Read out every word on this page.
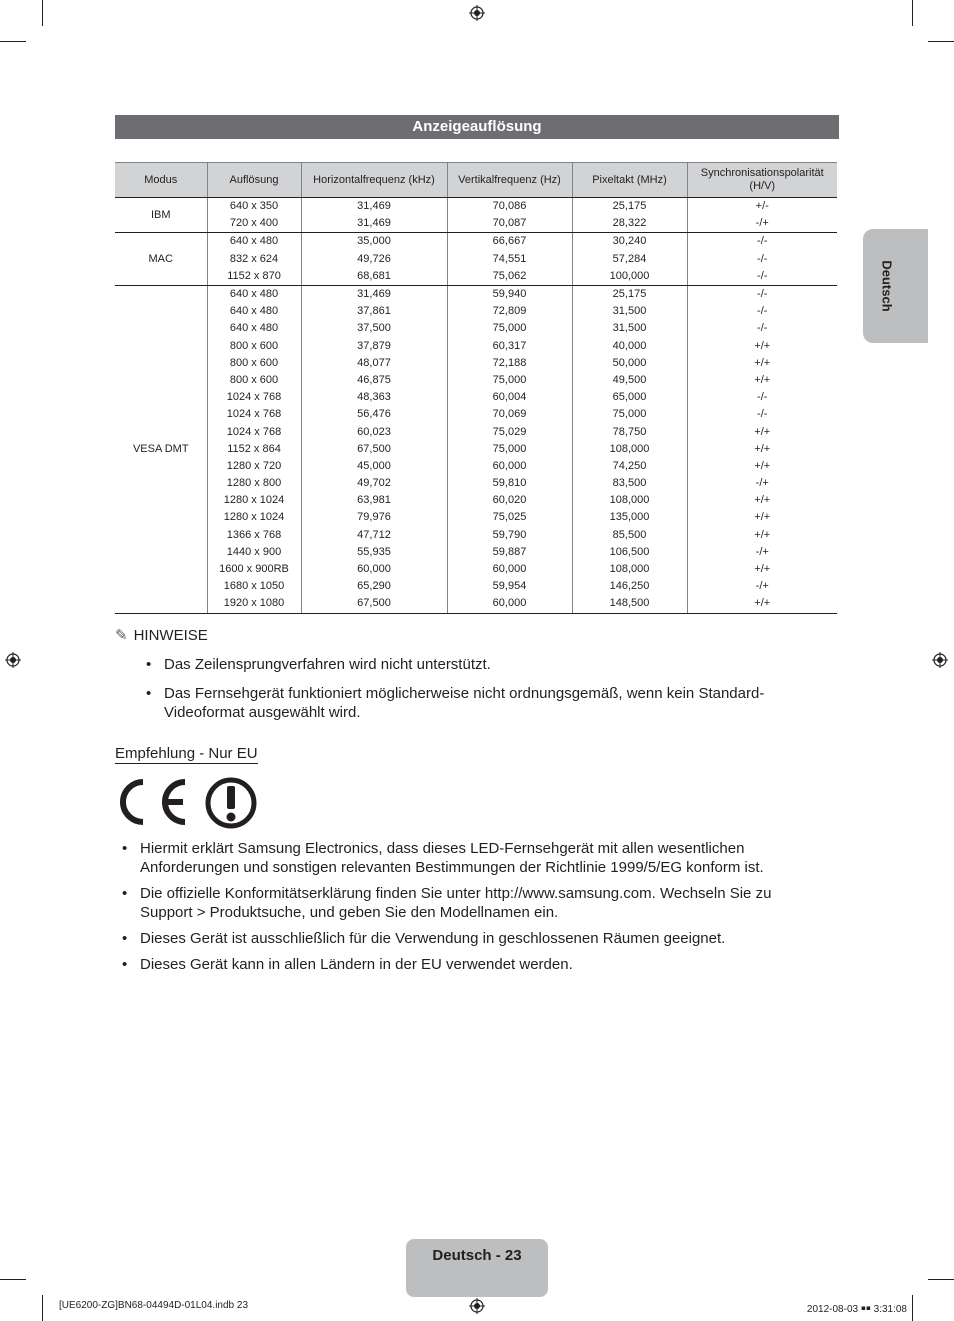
Anzeigeauflösung
Modus	Auflösung	Horizontalfrequenz (kHz)	Vertikalfrequenz (Hz)	Pixeltakt (MHz)	Synchronisationspolarität (H/V)
IBM	640 x 350	31,469	70,086	25,175	+/-
	720 x 400	31,469	70,087	28,322	-/+
MAC	640 x 480	35,000	66,667	30,240	-/-
	832 x 624	49,726	74,551	57,284	-/-
	1152 x 870	68,681	75,062	100,000	-/-
VESA DMT	640 x 480	31,469	59,940	25,175	-/-
	640 x 480	37,861	72,809	31,500	-/-
	640 x 480	37,500	75,000	31,500	-/-
	800 x 600	37,879	60,317	40,000	+/+
	800 x 600	48,077	72,188	50,000	+/+
	800 x 600	46,875	75,000	49,500	+/+
	1024 x 768	48,363	60,004	65,000	-/-
	1024 x 768	56,476	70,069	75,000	-/-
	1024 x 768	60,023	75,029	78,750	+/+
	1152 x 864	67,500	75,000	108,000	+/+
	1280 x 720	45,000	60,000	74,250	+/+
	1280 x 800	49,702	59,810	83,500	-/+
	1280 x 1024	63,981	60,020	108,000	+/+
	1280 x 1024	79,976	75,025	135,000	+/+
	1366 x 768	47,712	59,790	85,500	+/+
	1440 x 900	55,935	59,887	106,500	-/+
	1600 x 900RB	60,000	60,000	108,000	+/+
	1680 x 1050	65,290	59,954	146,250	-/+
	1920 x 1080	67,500	60,000	148,500	+/+
Deutsch
✎ HINWEISE
• Das Zeilensprungverfahren wird nicht unterstützt.
• Das Fernsehgerät funktioniert möglicherweise nicht ordnungsgemäß, wenn kein Standard-
Videoformat ausgewählt wird.
Empfehlung - Nur EU
• Hiermit erklärt Samsung Electronics, dass dieses LED-Fernsehgerät mit allen wesentlichen
Anforderungen und sonstigen relevanten Bestimmungen der Richtlinie 1999/5/EG konform ist.
• Die offizielle Konformitätserklärung finden Sie unter http://www.samsung.com. Wechseln Sie zu
Support > Produktsuche, und geben Sie den Modellnamen ein.
• Dieses Gerät ist ausschließlich für die Verwendung in geschlossenen Räumen geeignet.
• Dieses Gerät kann in allen Ländern in der EU verwendet werden.
Deutsch - 23
[UE6200-ZG]BN68-04494D-01L04.indb 23	2012-08-03 ￭￭ 3:31:08
